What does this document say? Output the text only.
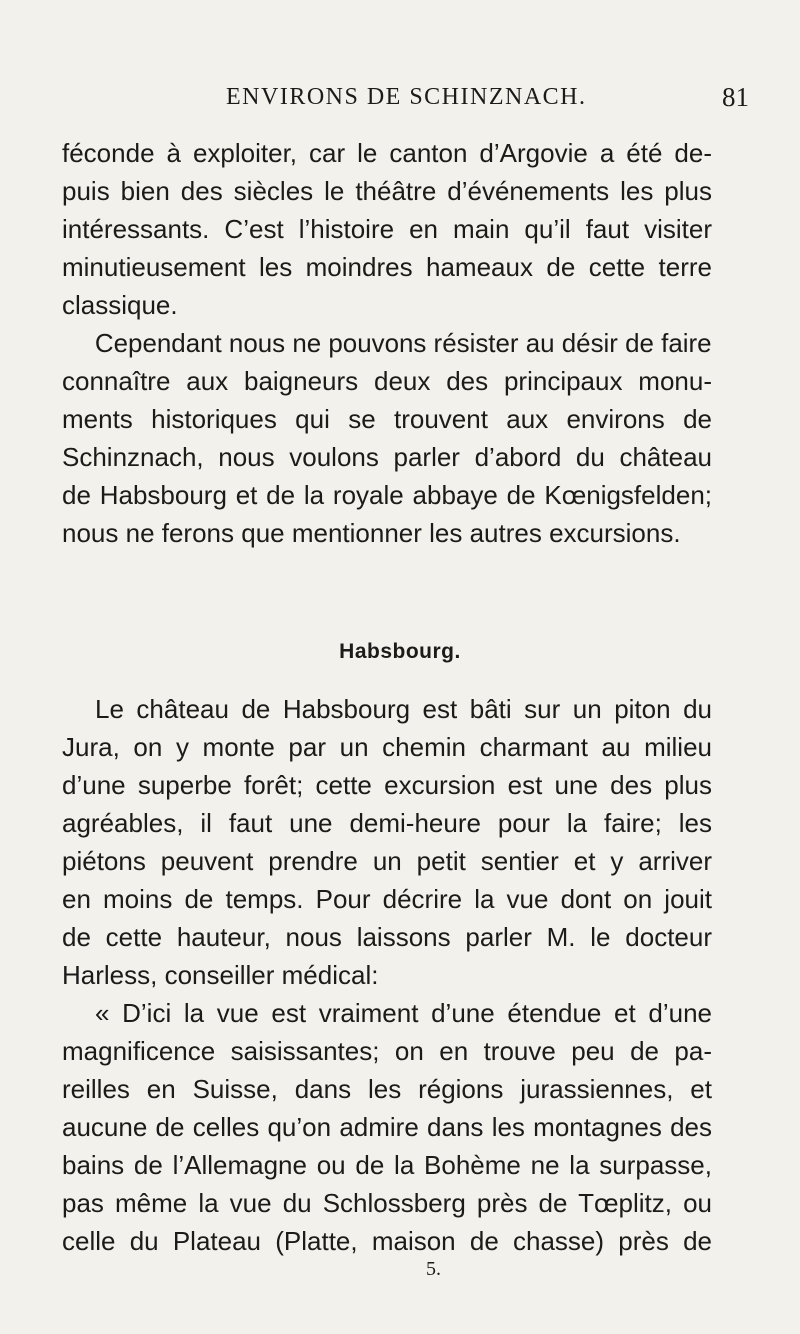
ENVIRONS DE SCHINZNACH.	81
féconde à exploiter, car le canton d’Argovie a été de-
puis bien des siècles le théâtre d’événements les plus
intéressants. C’est l’histoire en main qu’il faut visiter
minutieusement les moindres hameaux de cette terre
classique.
Cependant nous ne pouvons résister au désir de faire
connaître aux baigneurs deux des principaux monu-
ments historiques qui se trouvent aux environs de
Schinznach, nous voulons parler d’abord du château
de Habsbourg et de la royale abbaye de Kœnigsfelden;
nous ne ferons que mentionner les autres excursions.
Habsbourg.
Le château de Habsbourg est bâti sur un piton du
Jura, on y monte par un chemin charmant au milieu
d’une superbe forêt; cette excursion est une des plus
agréables, il faut une demi-heure pour la faire; les
piétons peuvent prendre un petit sentier et y arriver
en moins de temps. Pour décrire la vue dont on jouit
de cette hauteur, nous laissons parler M. le docteur
Harless, conseiller médical:
« D’ici la vue est vraiment d’une étendue et d’une
magnificence saisissantes; on en trouve peu de pa-
reilles en Suisse, dans les régions jurassiennes, et
aucune de celles qu’on admire dans les montagnes des
bains de l’Allemagne ou de la Bohème ne la surpasse,
pas même la vue du Schlossberg près de Tœplitz, ou
celle du Plateau (Platte, maison de chasse) près de
5.
